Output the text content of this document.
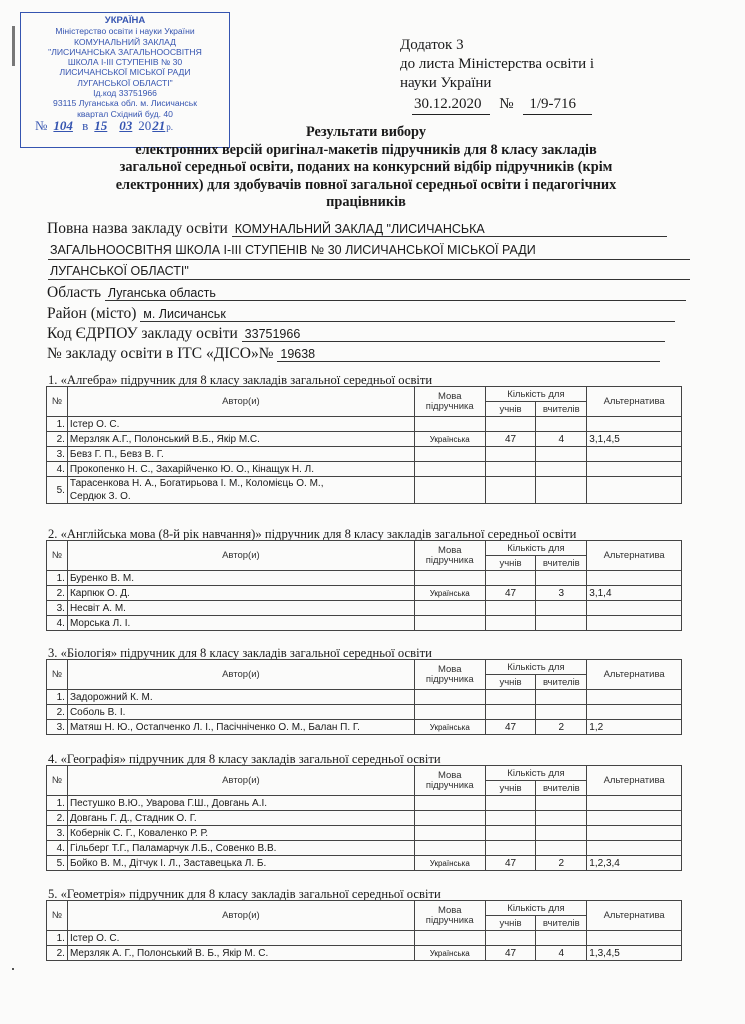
УКРАЇНА
Міністерство освіти і науки України
КОМУНАЛЬНИЙ ЗАКЛАД
"ЛИСИЧАНСЬКА ЗАГАЛЬНООСВІТНЯ
ШКОЛА І-ІІІ СТУПЕНІВ № 30
ЛИСИЧАНСЬКОЇ МІСЬКОЇ РАДИ
ЛУГАНСЬКОЇ ОБЛАСТІ"
Ід.код 33751966
93115 Луганська обл. м. Лисичанськ
квартал Східний буд. 40
№ 104 в 15 03 2021р.
Додаток 3
до листа Міністерства освіти і
науки України
30.12.2020 № 1/9-716
Результати вибору
електронних версій оригінал-макетів підручників для 8 класу закладів
загальної середньої освіти, поданих на конкурсний відбір підручників (крім
електронних) для здобувачів повної загальної середньої освіти і педагогічних
працівників
Повна назва закладу освіти КОМУНАЛЬНИЙ ЗАКЛАД "ЛИСИЧАНСЬКА
ЗАГАЛЬНООСВІТНЯ ШКОЛА І-ІІІ СТУПЕНІВ № 30 ЛИСИЧАНСЬКОЇ МІСЬКОЇ РАДИ
ЛУГАНСЬКОЇ ОБЛАСТІ"
Область Луганська область
Район (місто) м. Лисичанськ
Код ЄДРПОУ закладу освіти 33751966
№ закладу освіти в ІТС «ДІСО»№ 19638
1. «Алгебра» підручник для 8 класу закладів загальної середньої освіти
№	Автор(и)	Мова
підручника	Кількість для		Альтернатива
			учнів	вчителів	
1.	Істер О. С.				
2.	Мерзляк А.Г., Полонський В.Б., Якір М.С.	Українська	47	4	3,1,4,5
3.	Бевз Г. П., Бевз В. Г.				
4.	Прокопенко Н. С., Захарійченко Ю. О., Кінащук Н. Л.				
5.	Тарасенкова Н. А., Богатирьова І. М., Коломієць О. М.,
Сердюк З. О.				
2. «Англійська мова (8-й рік навчання)» підручник для 8 класу закладів загальної середньої освіти
№	Автор(и)	Мова
підручника	Кількість для		Альтернатива
			учнів	вчителів	
1.	Буренко В. М.				
2.	Карпюк О. Д.	Українська	47	3	3,1,4
3.	Несвіт А. М.				
4.	Морська Л. І.				
3. «Біологія» підручник для 8 класу закладів загальної середньої освіти
№	Автор(и)	Мова
підручника	Кількість для		Альтернатива
			учнів	вчителів	
1.	Задорожний К. М.				
2.	Соболь В. І.				
3.	Матяш Н. Ю., Остапченко Л. І., Пасічніченко О. М., Балан П. Г.	Українська	47	2	1,2
4. «Географія» підручник для 8 класу закладів загальної середньої освіти
№	Автор(и)	Мова
підручника	Кількість для		Альтернатива
			учнів	вчителів	
1.	Пестушко В.Ю., Уварова Г.Ш., Довгань А.І.				
2.	Довгань Г. Д., Стадник О. Г.				
3.	Кобернік С. Г., Коваленко Р. Р.				
4.	Гільберг Т.Г., Паламарчук Л.Б., Совенко В.В.				
5.	Бойко В. М., Дітчук І. Л., Заставецька Л. Б.	Українська	47	2	1,2,3,4
5. «Геометрія» підручник для 8 класу закладів загальної середньої освіти
№	Автор(и)	Мова
підручника	Кількість для		Альтернатива
			учнів	вчителів	
1.	Істер О. С.				
2.	Мерзляк А. Г., Полонський В. Б., Якір М. С.	Українська	47	4	1,3,4,5
